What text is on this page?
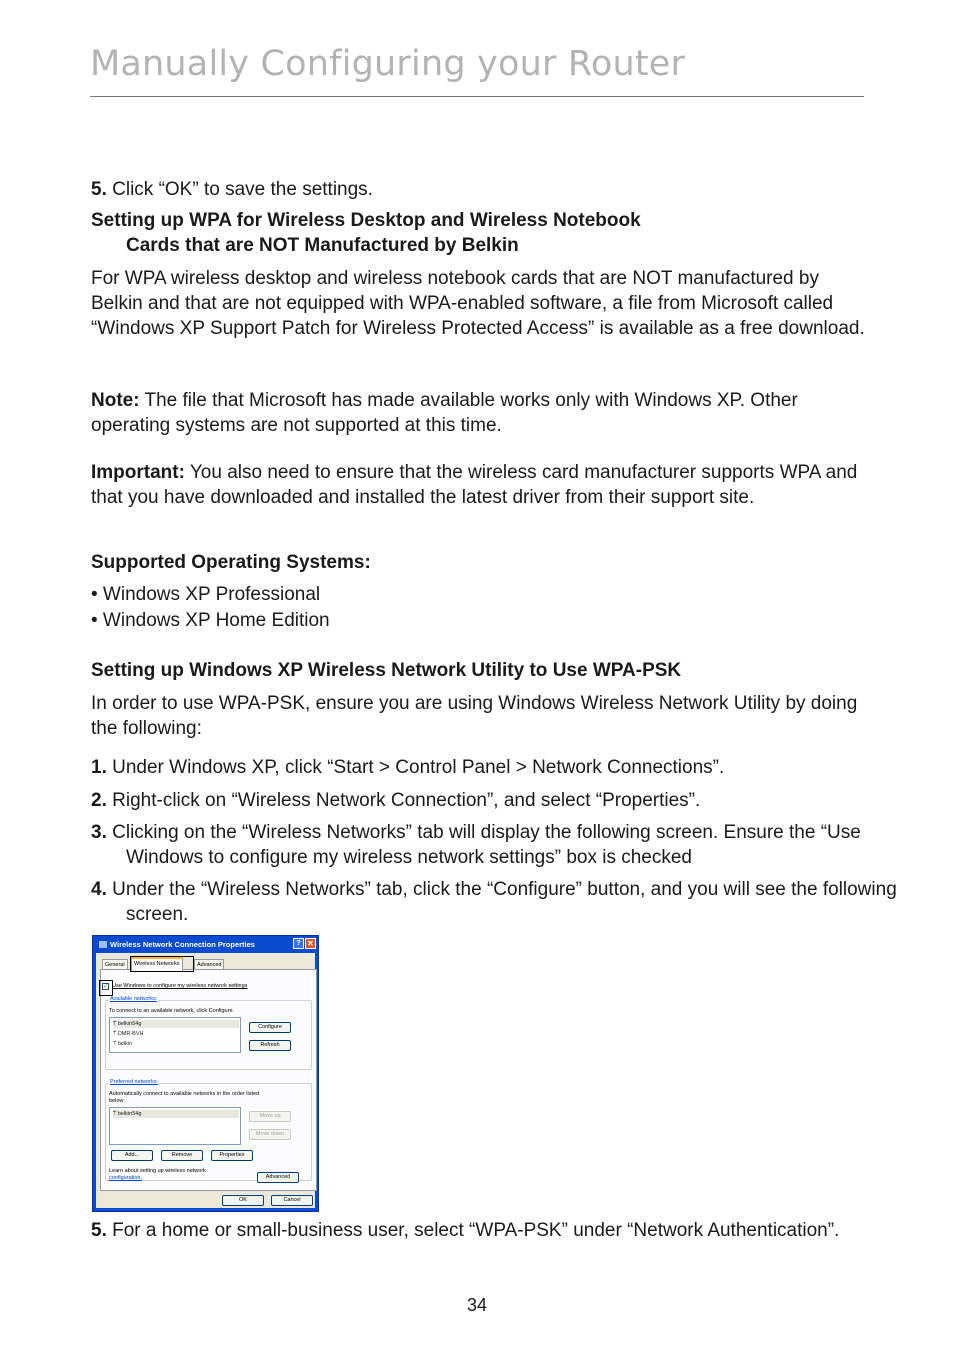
Manually Configuring your Router

5. Click “OK” to save the settings.

Setting up WPA for Wireless Desktop and Wireless Notebook

Cards that are NOT Manufactured by Belkin

For WPA wireless desktop and wireless notebook cards that are NOT manufactured by Belkin and that are not equipped with WPA-enabled software, a file from Microsoft called “Windows XP Support Patch for Wireless Protected Access” is available as a free download.

Note: The file that Microsoft has made available works only with Windows XP. Other operating systems are not supported at this time.

Important: You also need to ensure that the wireless card manufacturer supports WPA and that you have downloaded and installed the latest driver from their support site.

Supported Operating Systems:

• Windows XP Professional

• Windows XP Home Edition

Setting up Windows XP Wireless Network Utility to Use WPA-PSK

In order to use WPA-PSK, ensure you are using Windows Wireless Network Utility by doing the following:

1. Under Windows XP, click “Start > Control Panel > Network Connections”.

2. Right-click on “Wireless Network Connection”, and select “Properties”.

3. Clicking on the “Wireless Networks” tab will display the following screen. Ensure the “Use Windows to configure my wireless network settings” box is checked

4. Under the “Wireless Networks” tab, click the “Configure” button, and you will see the following screen.

Wireless Network Connection Properties	? ✕
General	Wireless Networks	Advanced
✓ Use Windows to configure my wireless network settings
Available networks:
To connect to an available network, click Configure.
⍡ belkin54g
⍡ DMR-BVH
⍡ belkin
Configure
Refresh
Preferred networks:
Automatically connect to available networks in the order listed
below:
⍡ belkin54g	Move up
Move down
Add...	Remove	Properties
Learn about setting up wireless network
configuration.	Advanced
OK	Cancel

5. For a home or small-business user, select “WPA-PSK” under “Network Authentication”.

34
